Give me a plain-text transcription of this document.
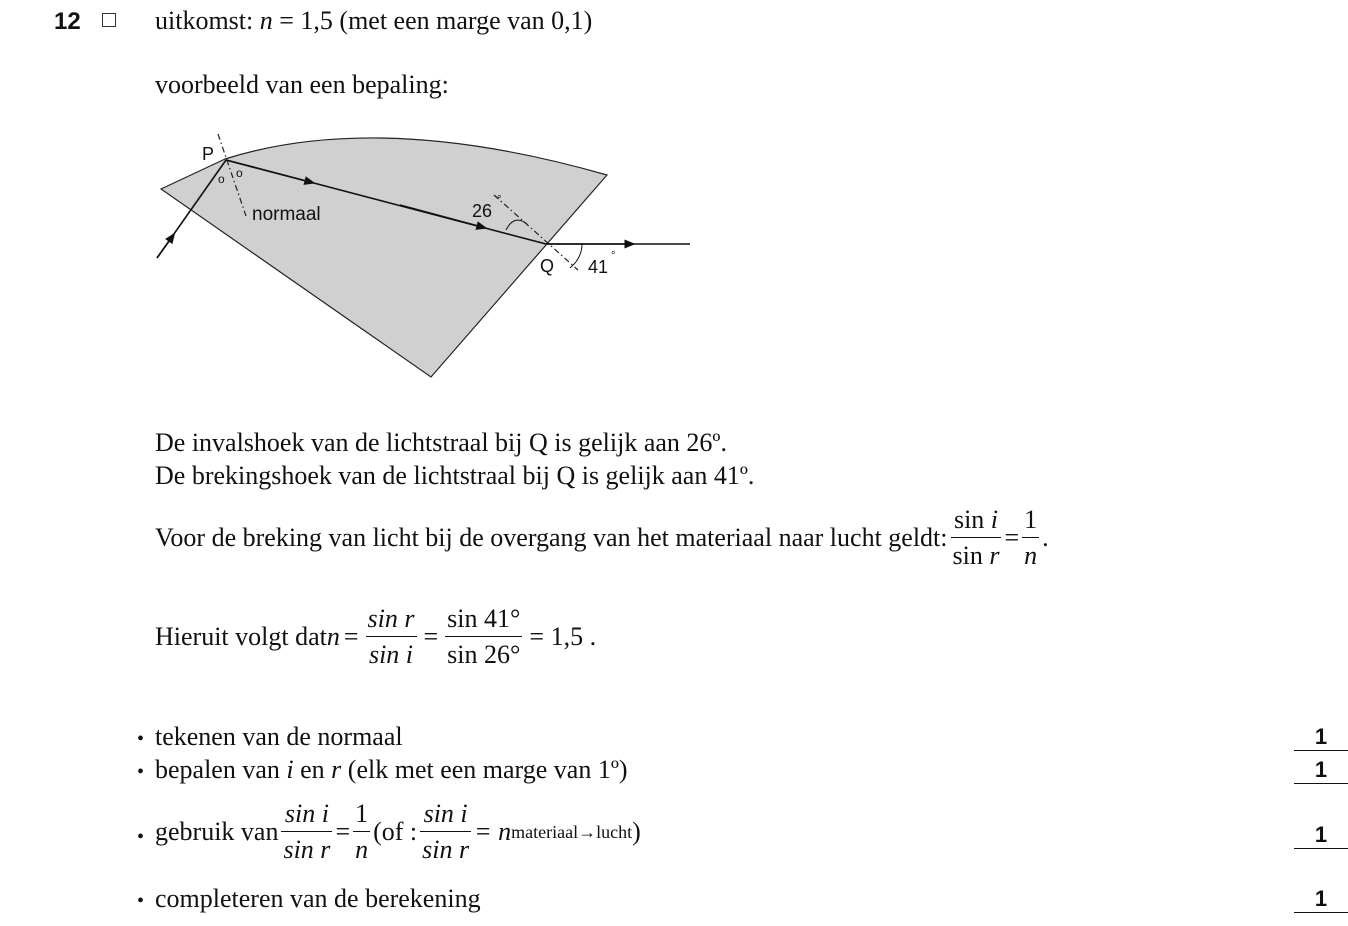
12	uitkomst: n = 1,5 (met een marge van 0,1)
voorbeeld van een bepaling:
P
Q
normaal	26
°
41
°
o o
De invalshoek van de lichtstraal bij Q is gelijk aan 26º.
De brekingshoek van de lichtstraal bij Q is gelijk aan 41º.
Voor de breking van licht bij de overgang van het materiaal naar lucht geldt: $\frac{\text{sin i}}{\text{sin r}} = \frac{1}{n}$ .
Hieruit volgt dat $n = \frac{\text{sin r}}{\text{sin i}} = \frac{\sin 41^\circ}{\sin 26^\circ} = 1,5$ .
• tekenen van de normaal	1
• bepalen van i en r (elk met een marge van 1º)	1
• gebruik van $\frac{\text{sin i}}{\text{sin r}} = \frac{1}{n} (of$ : $\frac{\text{sin i}}{\text{sin r}} = n$ materiaal→lucht )	1
• completeren van de berekening	1
